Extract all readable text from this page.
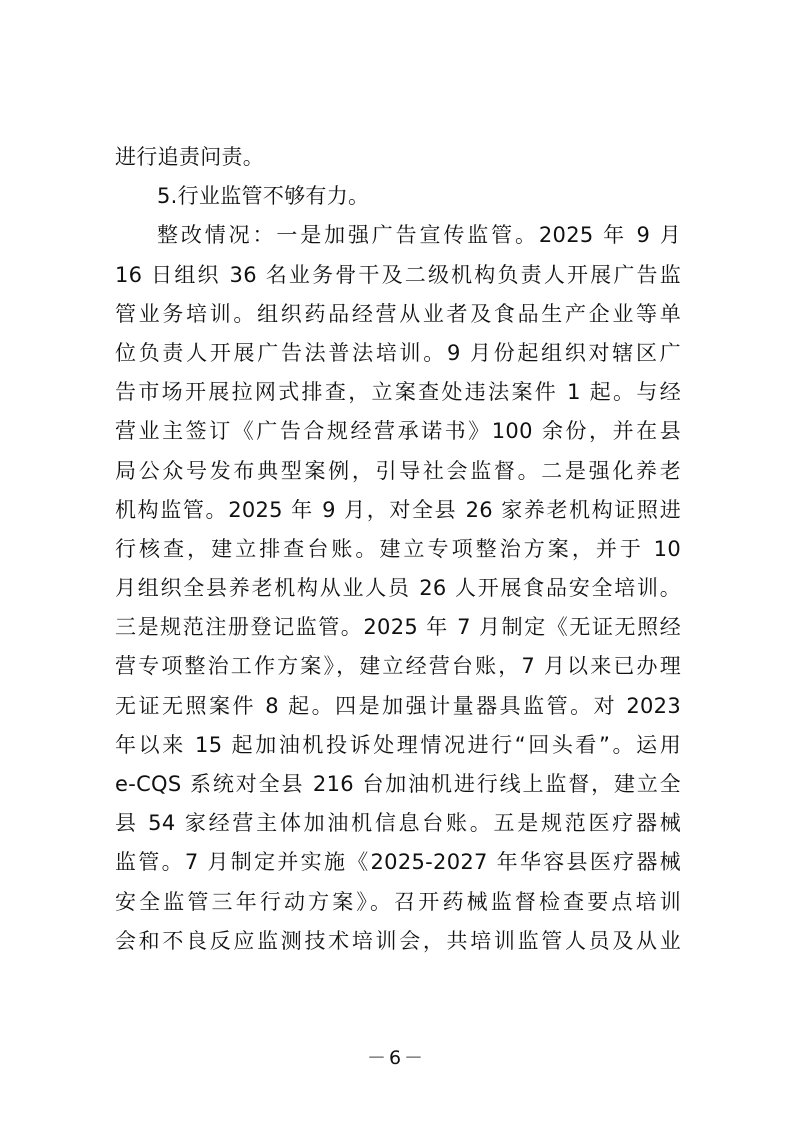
进行追责问责。
5.行业监管不够有力。
整改情况：一是加强广告宣传监管。2025 年 9 月
16 日组织 36 名业务骨干及二级机构负责人开展广告监
管业务培训。组织药品经营从业者及食品生产企业等单
位负责人开展广告法普法培训。9 月份起组织对辖区广
告市场开展拉网式排查，立案查处违法案件 1 起。与经
营业主签订《广告合规经营承诺书》100 余份，并在县
局公众号发布典型案例，引导社会监督。二是强化养老
机构监管。2025 年 9 月，对全县 26 家养老机构证照进
行核查，建立排查台账。建立专项整治方案，并于 10
月组织全县养老机构从业人员 26 人开展食品安全培训。
三是规范注册登记监管。2025 年 7 月制定《无证无照经
营专项整治工作方案》，建立经营台账，7 月以来已办理
无证无照案件 8 起。四是加强计量器具监管。对 2023
年以来 15 起加油机投诉处理情况进行“回头看”。运用
e-CQS 系统对全县 216 台加油机进行线上监督，建立全
县 54 家经营主体加油机信息台账。五是规范医疗器械
监管。7 月制定并实施《2025-2027 年华容县医疗器械
安全监管三年行动方案》。召开药械监督检查要点培训
会和不良反应监测技术培训会，共培训监管人员及从业
－6－
